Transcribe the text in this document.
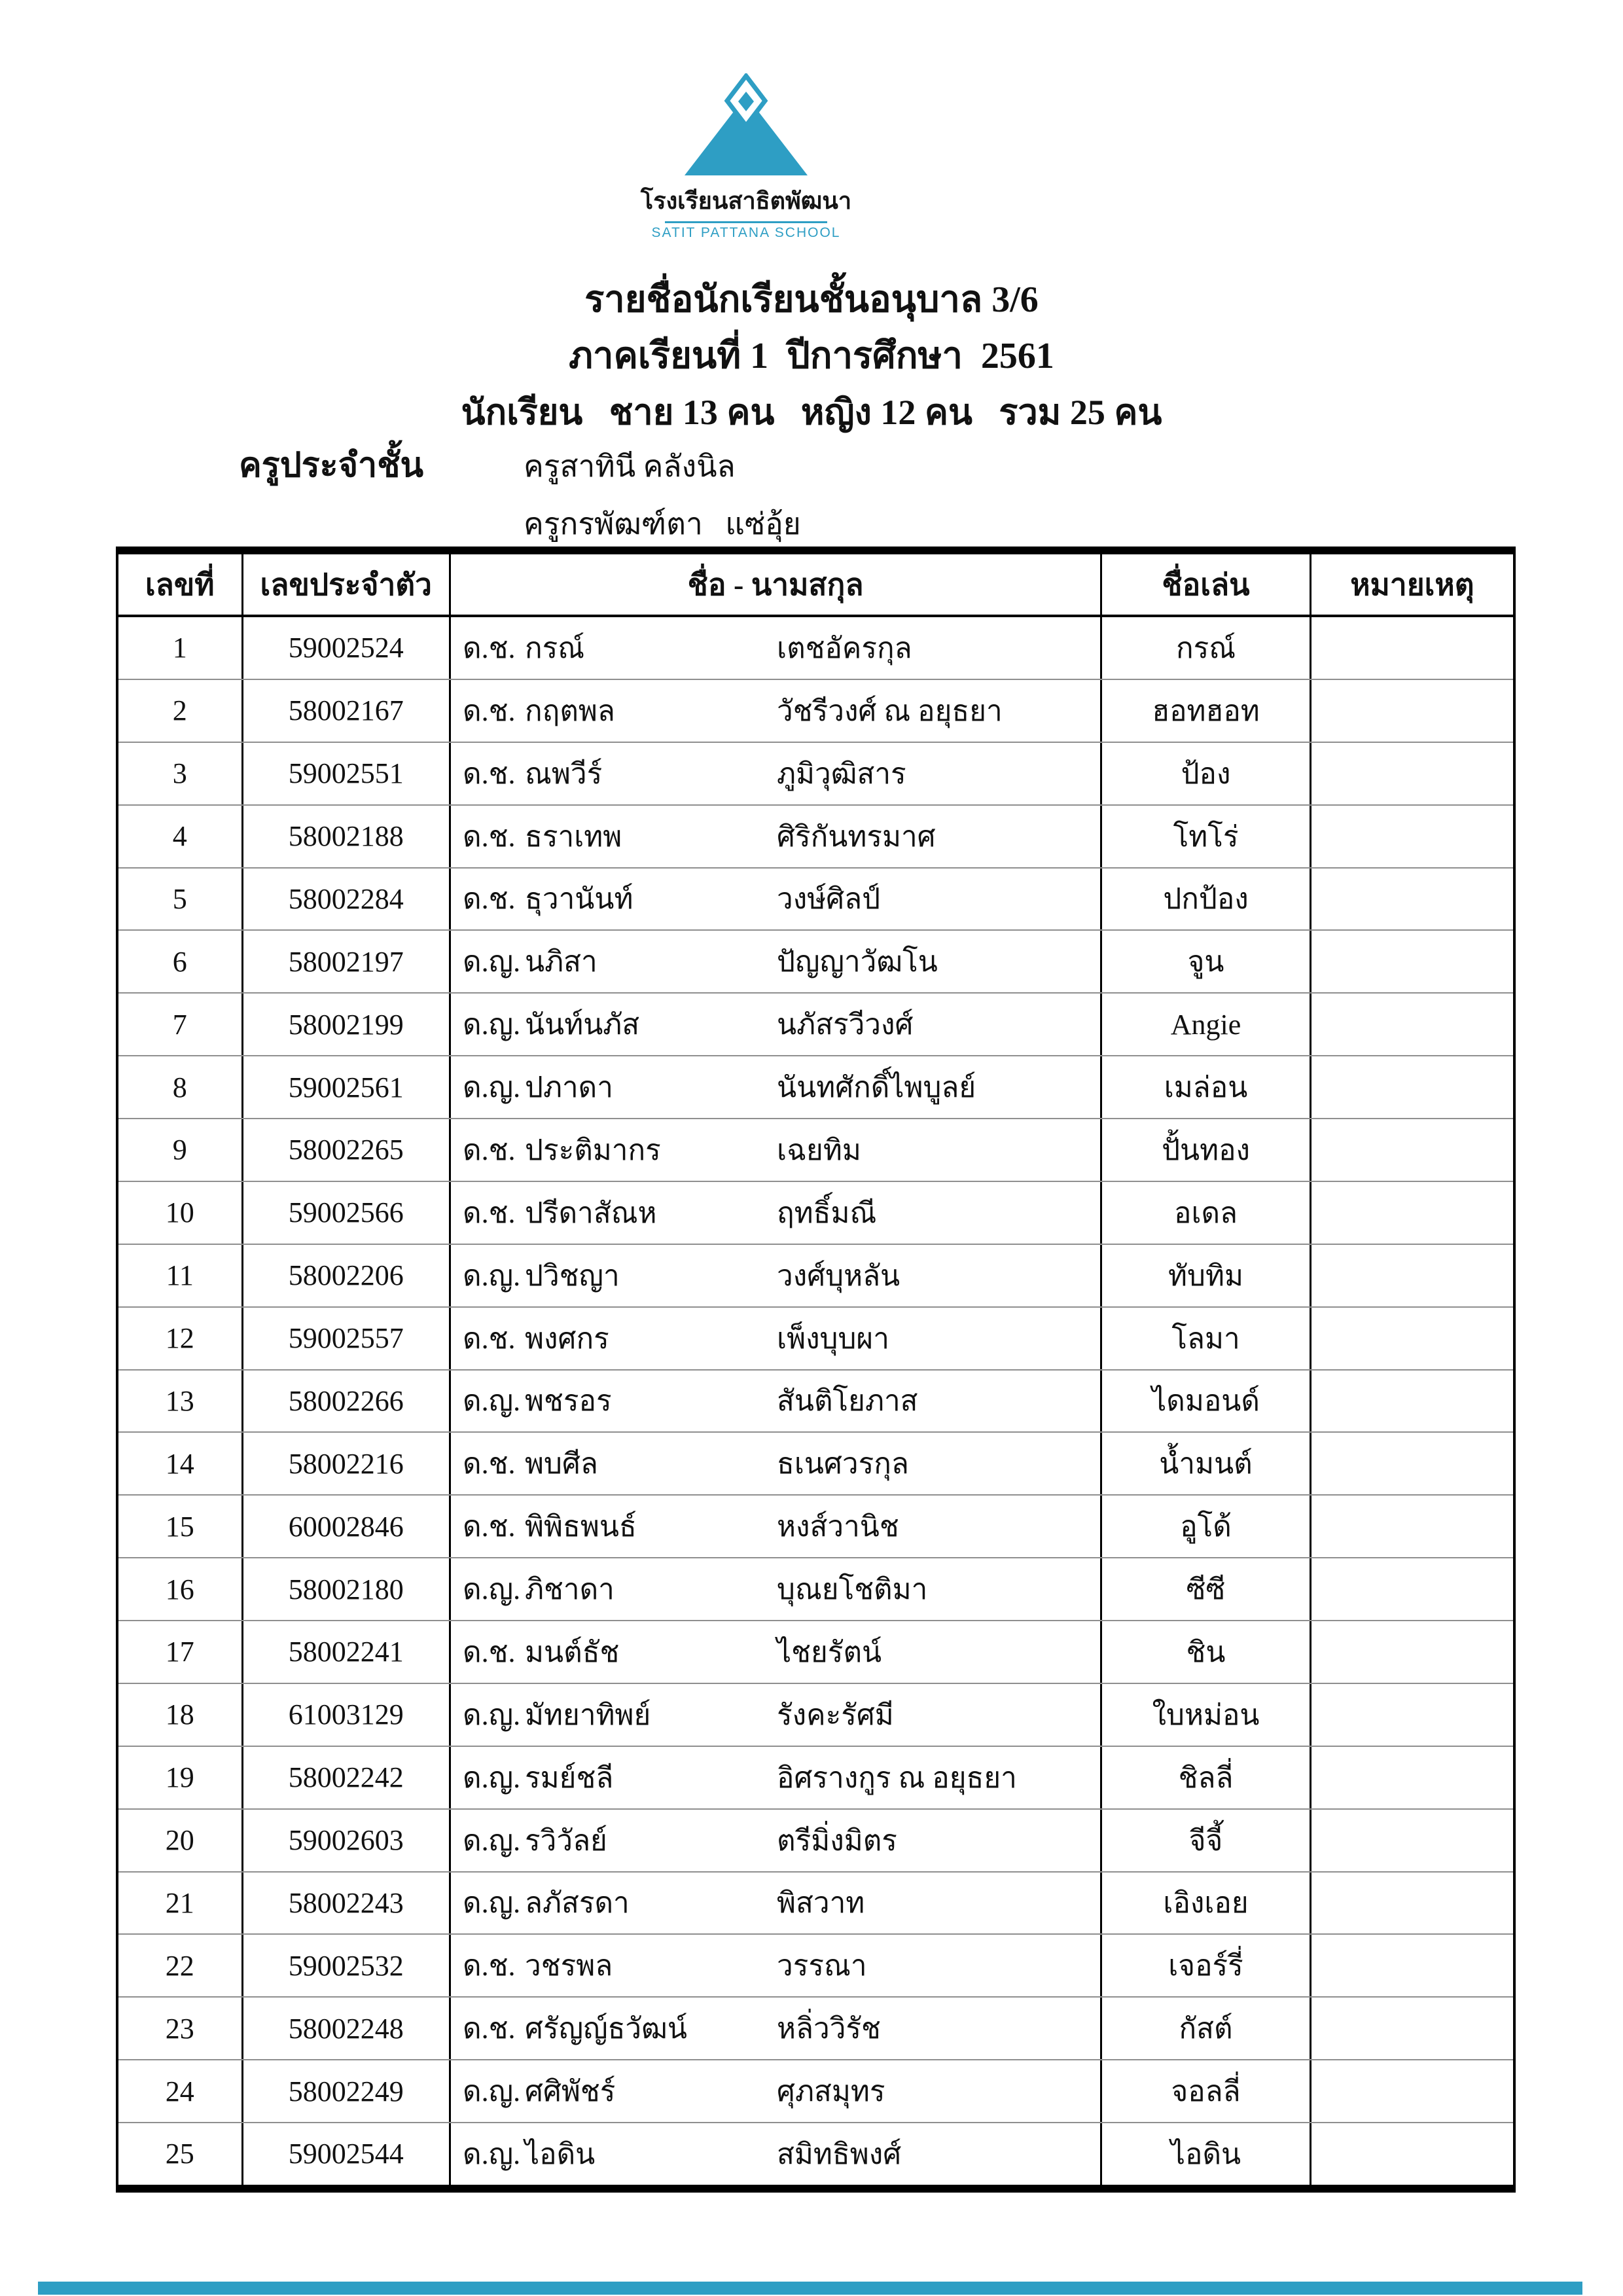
โรงเรียนสาธิตพัฒนา
SATIT PATTANA SCHOOL
รายชื่อนักเรียนชั้นอนุบาล 3/6
ภาคเรียนที่ 1  ปีการศึกษา  2561
นักเรียน   ชาย 13 คน   หญิง 12 คน   รวม 25 คน
ครูประจำชั้น	ครูสาทินี คลังนิล
ครูกรพัฒฑ์ตา   แซ่อุ้ย
เลขที่	เลขประจำตัว	ชื่อ - นามสกุล	ชื่อเล่น	หมายเหตุ
1	59002524	ด.ช. กรณ์	เตชอัครกุล	กรณ์
2	58002167	ด.ช. กฤตพล	วัชรีวงศ์ ณ อยุธยา	ฮอทฮอท
3	59002551	ด.ช. ณพวีร์	ภูมิวุฒิสาร	ป้อง
4	58002188	ด.ช. ธราเทพ	ศิริกันทรมาศ	โทโร่
5	58002284	ด.ช. ธุวานันท์	วงษ์ศิลป์	ปกป้อง
6	58002197	ด.ญ. นภิสา	ปัญญาวัฒโน	จูน
7	58002199	ด.ญ. นันท์นภัส	นภัสรวีวงศ์	Angie
8	59002561	ด.ญ. ปภาดา	นันทศักดิ์ไพบูลย์	เมล่อน
9	58002265	ด.ช. ประติมากร	เฉยทิม	ปั้นทอง
10	59002566	ด.ช. ปรีดาสัณห	ฤทธิ์มณี	อเดล
11	58002206	ด.ญ. ปวิชญา	วงศ์บุหลัน	ทับทิม
12	59002557	ด.ช. พงศกร	เพ็งบุบผา	โลมา
13	58002266	ด.ญ. พชรอร	สันติโยภาส	ไดมอนด์
14	58002216	ด.ช. พบศีล	ธเนศวรกุล	น้ำมนต์
15	60002846	ด.ช. พิพิธพนธ์	หงส์วานิช	อูโด้
16	58002180	ด.ญ. ภิชาดา	บุณยโชติมา	ซีซี
17	58002241	ด.ช. มนต์ธัช	ไชยรัตน์	ชิน
18	61003129	ด.ญ. มัทยาทิพย์	รังคะรัศมี	ใบหม่อน
19	58002242	ด.ญ. รมย์ชลี	อิศรางกูร ณ อยุธยา	ชิลลี่
20	59002603	ด.ญ. รวิวัลย์	ตรีมิ่งมิตร	จีจี้
21	58002243	ด.ญ. ลภัสรดา	พิสวาท	เอิงเอย
22	59002532	ด.ช. วชรพล	วรรณา	เจอร์รี่
23	58002248	ด.ช. ศรัญญ์ธวัฒน์	หลิ่ววิรัช	กัสต์
24	58002249	ด.ญ. ศศิพัชร์	ศุภสมุทร	จอลลี่
25	59002544	ด.ญ. ไอดิน	สมิทธิพงศ์	ไอดิน
